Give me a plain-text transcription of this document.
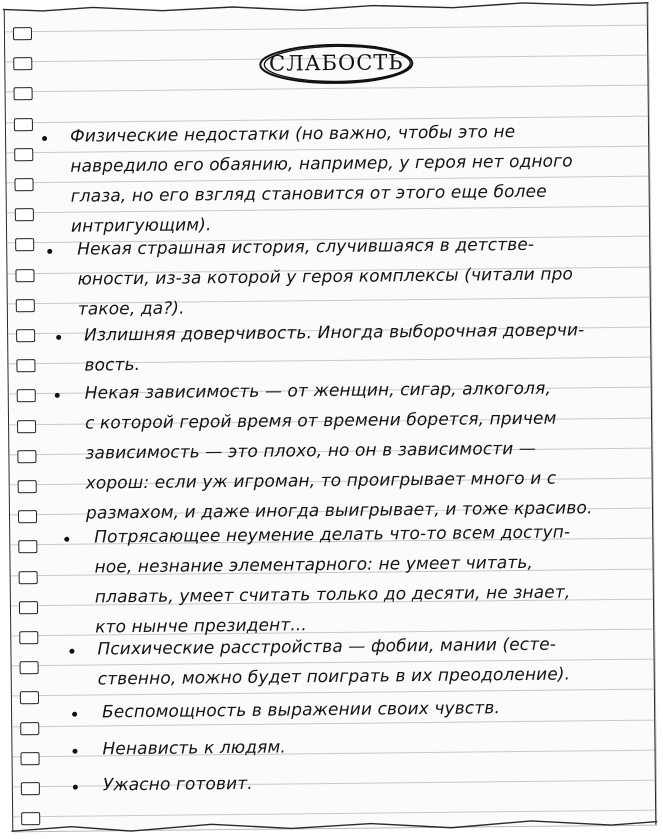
СЛАБОСТЬ
Физические недостатки (но важно, чтобы это не
навредило его обаянию, например, у героя нет одного
глаза, но его взгляд становится от этого еще более
интригующим).
Некая страшная история, случившаяся в детстве-
юности, из-за которой у героя комплексы (читали про
такое, да?).
Излишняя доверчивость. Иногда выборочная доверчи-
вость.
Некая зависимость — от женщин, сигар, алкоголя,
с которой герой время от времени борется, причем
зависимость — это плохо, но он в зависимости —
хорош: если уж игроман, то проигрывает много и с
размахом, и даже иногда выигрывает, и тоже красиво.
Потрясающее неумение делать что-то всем доступ-
ное, незнание элементарного: не умеет читать,
плавать, умеет считать только до десяти, не знает,
кто нынче президент...
Психические расстройства — фобии, мании (есте-
ственно, можно будет поиграть в их преодоление).
Беспомощность в выражении своих чувств.
Ненависть к людям.
Ужасно готовит.
